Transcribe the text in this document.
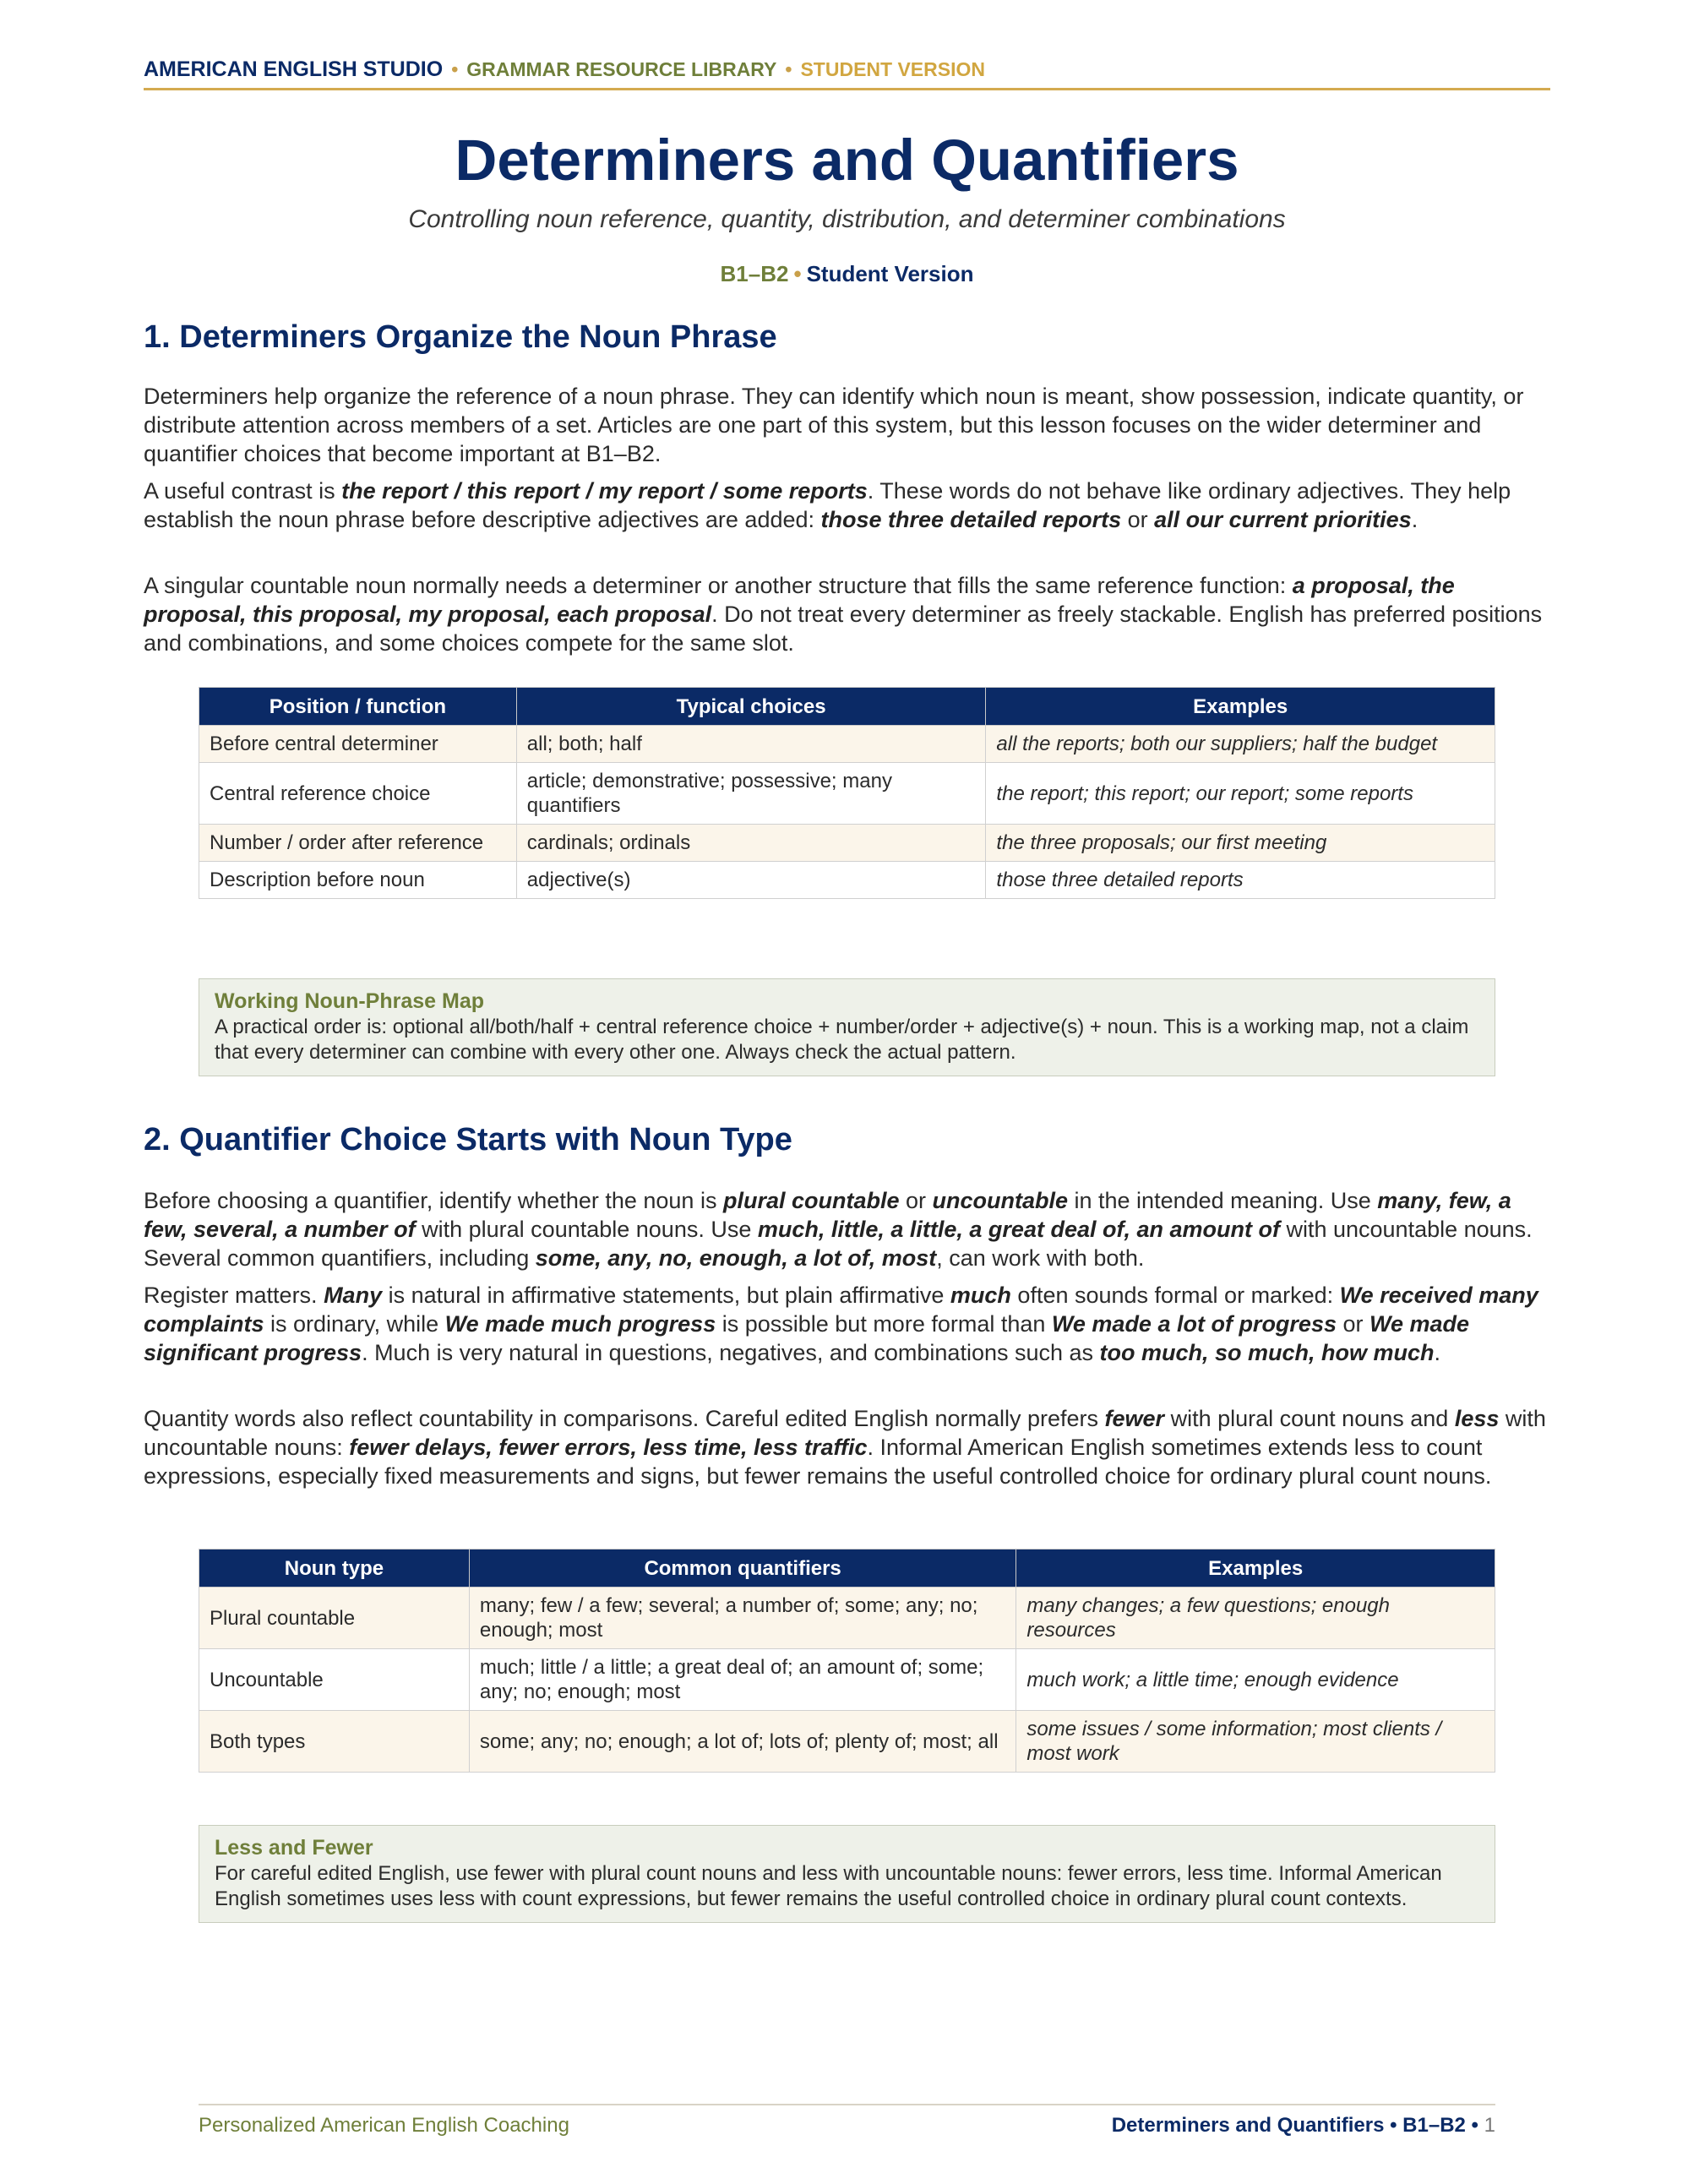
AMERICAN ENGLISH STUDIO • GRAMMAR RESOURCE LIBRARY • STUDENT VERSION
Determiners and Quantifiers
Controlling noun reference, quantity, distribution, and determiner combinations
B1–B2 • Student Version
1. Determiners Organize the Noun Phrase

Determiners help organize the reference of a noun phrase. They can identify which noun is meant, show possession, indicate quantity, or distribute attention across members of a set. Articles are one part of this system, but this lesson focuses on the wider determiner and quantifier choices that become important at B1–B2.

A useful contrast is the report / this report / my report / some reports. These words do not behave like ordinary adjectives. They help establish the noun phrase before descriptive adjectives are added: those three detailed reports or all our current priorities.

A singular countable noun normally needs a determiner or another structure that fills the same reference function: a proposal, the proposal, this proposal, my proposal, each proposal. Do not treat every determiner as freely stackable. English has preferred positions and combinations, and some choices compete for the same slot.

Position / function	Typical choices	Examples
Before central determiner	all; both; half	all the reports; both our suppliers; half the budget
Central reference choice	article; demonstrative; possessive; many quantifiers	the report; this report; our report; some reports
Number / order after reference	cardinals; ordinals	the three proposals; our first meeting
Description before noun	adjective(s)	those three detailed reports
Working Noun-Phrase Map
A practical order is: optional all/both/half + central reference choice + number/order + adjective(s) + noun. This is a working map, not a claim that every determiner can combine with every other one. Always check the actual pattern.
2. Quantifier Choice Starts with Noun Type

Before choosing a quantifier, identify whether the noun is plural countable or uncountable in the intended meaning. Use many, few, a few, several, a number of with plural countable nouns. Use much, little, a little, a great deal of, an amount of with uncountable nouns. Several common quantifiers, including some, any, no, enough, a lot of, most, can work with both.

Register matters. Many is natural in affirmative statements, but plain affirmative much often sounds formal or marked: We received many complaints is ordinary, while We made much progress is possible but more formal than We made a lot of progress or We made significant progress. Much is very natural in questions, negatives, and combinations such as too much, so much, how much.

Quantity words also reflect countability in comparisons. Careful edited English normally prefers fewer with plural count nouns and less with uncountable nouns: fewer delays, fewer errors, less time, less traffic. Informal American English sometimes extends less to count expressions, especially fixed measurements and signs, but fewer remains the useful controlled choice for ordinary plural count nouns.

Noun type	Common quantifiers	Examples
Plural countable	many; few / a few; several; a number of; some; any; no; enough; most	many changes; a few questions; enough resources
Uncountable	much; little / a little; a great deal of; an amount of; some; any; no; enough; most	much work; a little time; enough evidence
Both types	some; any; no; enough; a lot of; lots of; plenty of; most; all	some issues / some information; most clients / most work
Less and Fewer
For careful edited English, use fewer with plural count nouns and less with uncountable nouns: fewer errors, less time. Informal American English sometimes uses less with count expressions, but fewer remains the useful controlled choice in ordinary plural count contexts.
Personalized American English Coaching	Determiners and Quantifiers • B1–B2 • 1
